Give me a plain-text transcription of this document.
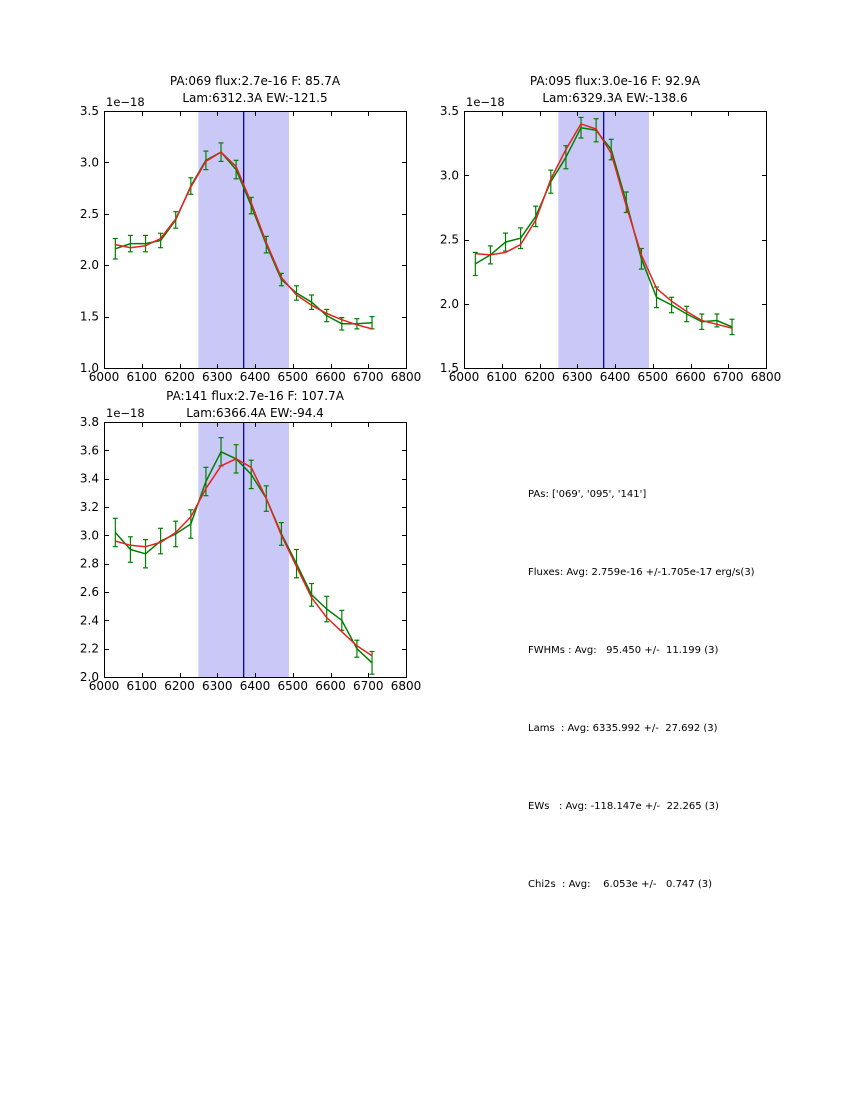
6000 6100 6200 6300 6400 6500 6600 6700 6800
1.0
1.5
2.0
2.5
3.0
3.5
6000 6100 6200 6300 6400 6500 6600 6700 6800
1.5
2.0
2.5
3.0
3.5
6000 6100 6200 6300 6400 6500 6600 6700 6800
2.0
2.2
2.4
2.6
2.8
3.0
3.2
3.4
3.6
3.8
PA:069 flux:2.7e-16 F: 85.7A
Lam:6312.3A EW:-121.5
PA:095 flux:3.0e-16 F: 92.9A
Lam:6329.3A EW:-138.6
PA:141 flux:2.7e-16 F: 107.7A
Lam:6366.4A EW:-94.4
1e−18	1e−18
1e−18

PAs: ['069', '095', '141']

Fluxes: Avg: 2.759e-16 +/-1.705e-17 erg/s(3)

FWHMs : Avg:   95.450 +/-  11.199 (3)

Lams  : Avg: 6335.992 +/-  27.692 (3)

EWs   : Avg: -118.147e +/-  22.265 (3)

Chi2s  : Avg:    6.053e +/-   0.747 (3)
